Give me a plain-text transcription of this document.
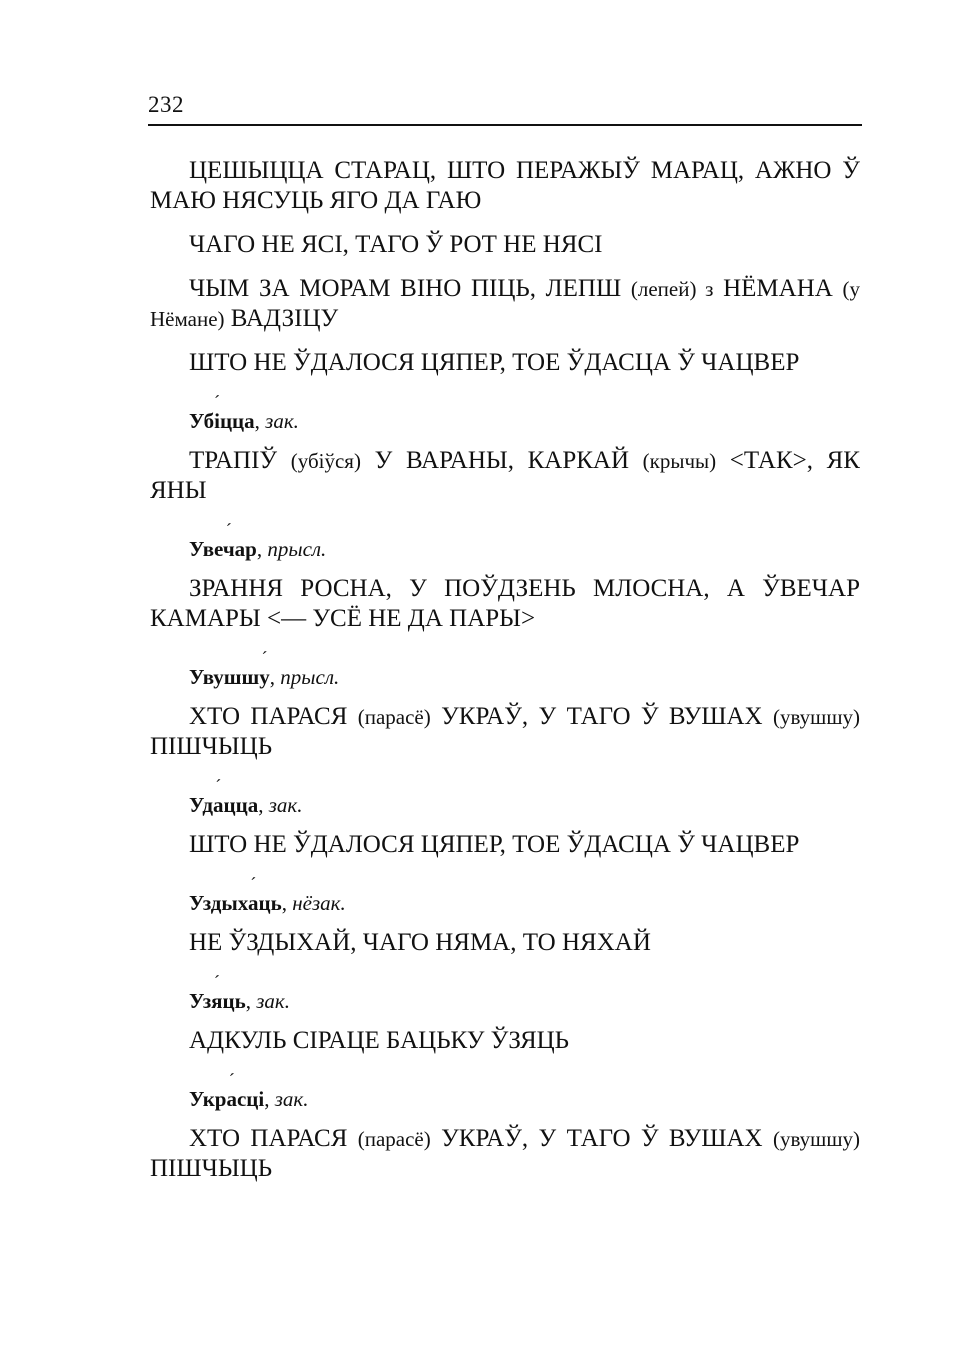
232
ЦЕШЫЦЦА СТАРАЦ, ШТО ПЕРАЖЫЎ МАРАЦ, АЖНО Ў МАЮ НЯСУЦЬ ЯГО ДА ГАЮ
ЧАГО НЕ ЯСІ, ТАГО Ў РОТ НЕ НЯСІ
ЧЫМ ЗА МОРАМ ВІНО ПІЦЬ, ЛЕПШ (лепей) з НЁМАНА (у Нёмане) ВАДЗІЦУ
ШТО НЕ ЎДАЛОСЯ ЦЯПЕР, ТОЕ ЎДАСЦА Ў ЧАЦВЕР
Убіцца
ˊ
, зак.
ТРАПІЎ (убіўся) У ВАРАНЫ, КАРКАЙ (крычы) <ТАК>, ЯК ЯНЫ
Увечар
ˊ
, прысл.
ЗРАННЯ РОСНА, У ПОЎДЗЕНЬ МЛОСНА, А ЎВЕЧАР КАМАРЫ <— УСЁ НЕ ДА ПАРЫ>
Увушшу
ˊ
, прысл.
ХТО ПАРАСЯ (парасё) УКРАЎ, У ТАГО Ў ВУШАХ (увушшу) ПІШЧЫЦЬ
Удацца
ˊ
, зак.
ШТО НЕ ЎДАЛОСЯ ЦЯПЕР, ТОЕ ЎДАСЦА Ў ЧАЦВЕР
Уздыхаць
ˊ
, нёзак.
НЕ ЎЗДЫХАЙ, ЧАГО НЯМА, ТО НЯХАЙ
Узяць
ˊ
, зак.
АДКУЛЬ СІРАЦЕ БАЦЬКУ ЎЗЯЦЬ
Украсці
ˊ
, зак.
ХТО ПАРАСЯ (парасё) УКРАЎ, У ТАГО Ў ВУШАХ (увушшу) ПІШЧЫЦЬ
